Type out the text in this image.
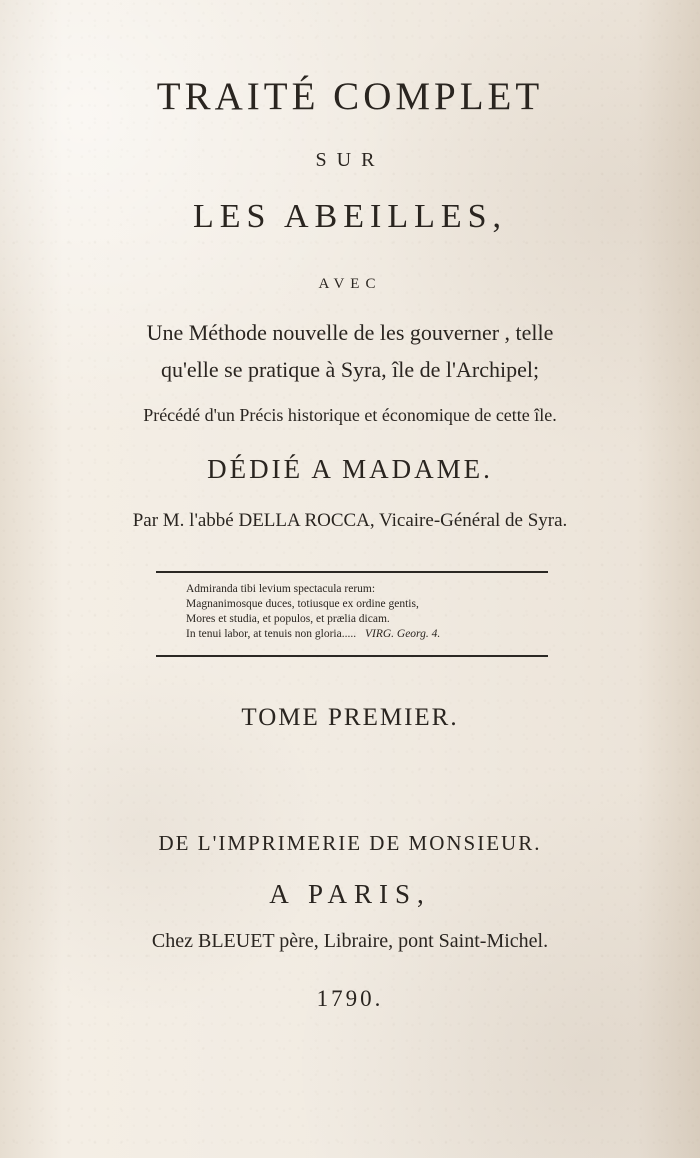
TRAITÉ COMPLET
SUR
LES ABEILLES,
AVEC
Une Méthode nouvelle de les gouverner , telle
qu'elle se pratique à Syra, île de l'Archipel;
Précédé d'un Précis historique et économique de cette île.
DÉDIÉ A MADAME.
Par M. l'abbé DELLA ROCCA, Vicaire-Général de Syra.
Admiranda tibi levium spectacula rerum:
Magnanimosque duces, totiusque ex ordine gentis,
Mores et studia, et populos, et prælia dicam.
In tenui labor, at tenuis non gloria..... VIRG. Georg. 4.
TOME PREMIER.
DE L'IMPRIMERIE DE MONSIEUR.
A PARIS,
Chez BLEUET père, Libraire, pont Saint-Michel.
1790.
